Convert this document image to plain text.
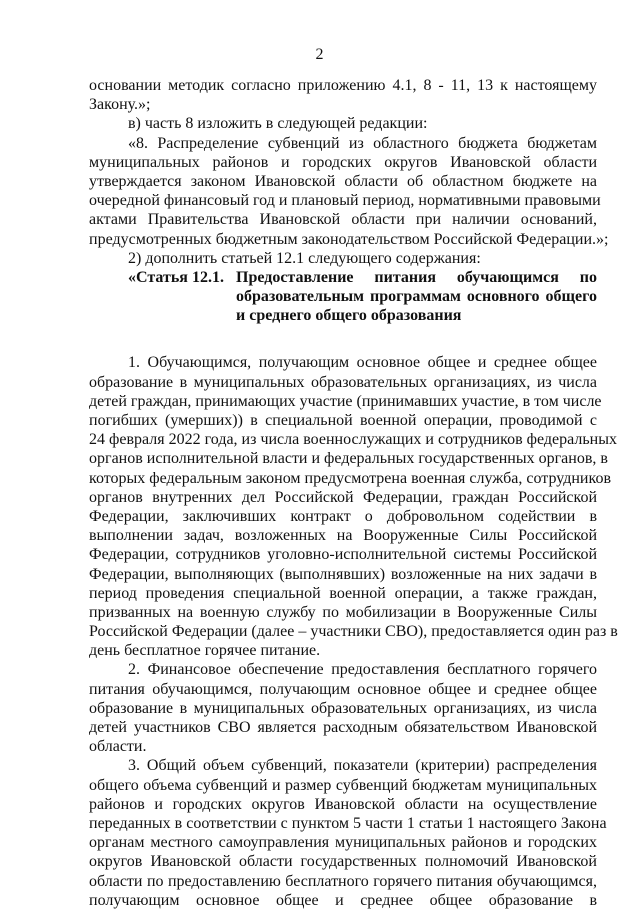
2
основании методик согласно приложению 4.1, 8 - 11, 13 к настоящему
Закону.»;
в) часть 8 изложить в следующей редакции:
«8. Распределение субвенций из областного бюджета бюджетам
муниципальных районов и городских округов Ивановской области
утверждается законом Ивановской области об областном бюджете на
очередной финансовый год и плановый период, нормативными правовыми
актами Правительства Ивановской области при наличии оснований,
предусмотренных бюджетным законодательством Российской Федерации.»;
2) дополнить статьей 12.1 следующего содержания:
«Статья 12.1. Предоставление питания обучающимся по
образовательным программам основного общего
и среднего общего образования
1. Обучающимся, получающим основное общее и среднее общее
образование в муниципальных образовательных организациях, из числа
детей граждан, принимающих участие (принимавших участие, в том числе
погибших (умерших)) в специальной военной операции, проводимой с
24 февраля 2022 года, из числа военнослужащих и сотрудников федеральных
органов исполнительной власти и федеральных государственных органов, в
которых федеральным законом предусмотрена военная служба, сотрудников
органов внутренних дел Российской Федерации, граждан Российской
Федерации, заключивших контракт о добровольном содействии в
выполнении задач, возложенных на Вооруженные Силы Российской
Федерации, сотрудников уголовно-исполнительной системы Российской
Федерации, выполняющих (выполнявших) возложенные на них задачи в
период проведения специальной военной операции, а также граждан,
призванных на военную службу по мобилизации в Вооруженные Силы
Российской Федерации (далее – участники СВО), предоставляется один раз в
день бесплатное горячее питание.
2. Финансовое обеспечение предоставления бесплатного горячего
питания обучающимся, получающим основное общее и среднее общее
образование в муниципальных образовательных организациях, из числа
детей участников СВО является расходным обязательством Ивановской
области.
3. Общий объем субвенций, показатели (критерии) распределения
общего объема субвенций и размер субвенций бюджетам муниципальных
районов и городских округов Ивановской области на осуществление
переданных в соответствии с пунктом 5 части 1 статьи 1 настоящего Закона
органам местного самоуправления муниципальных районов и городских
округов Ивановской области государственных полномочий Ивановской
области по предоставлению бесплатного горячего питания обучающимся,
получающим основное общее и среднее общее образование в
